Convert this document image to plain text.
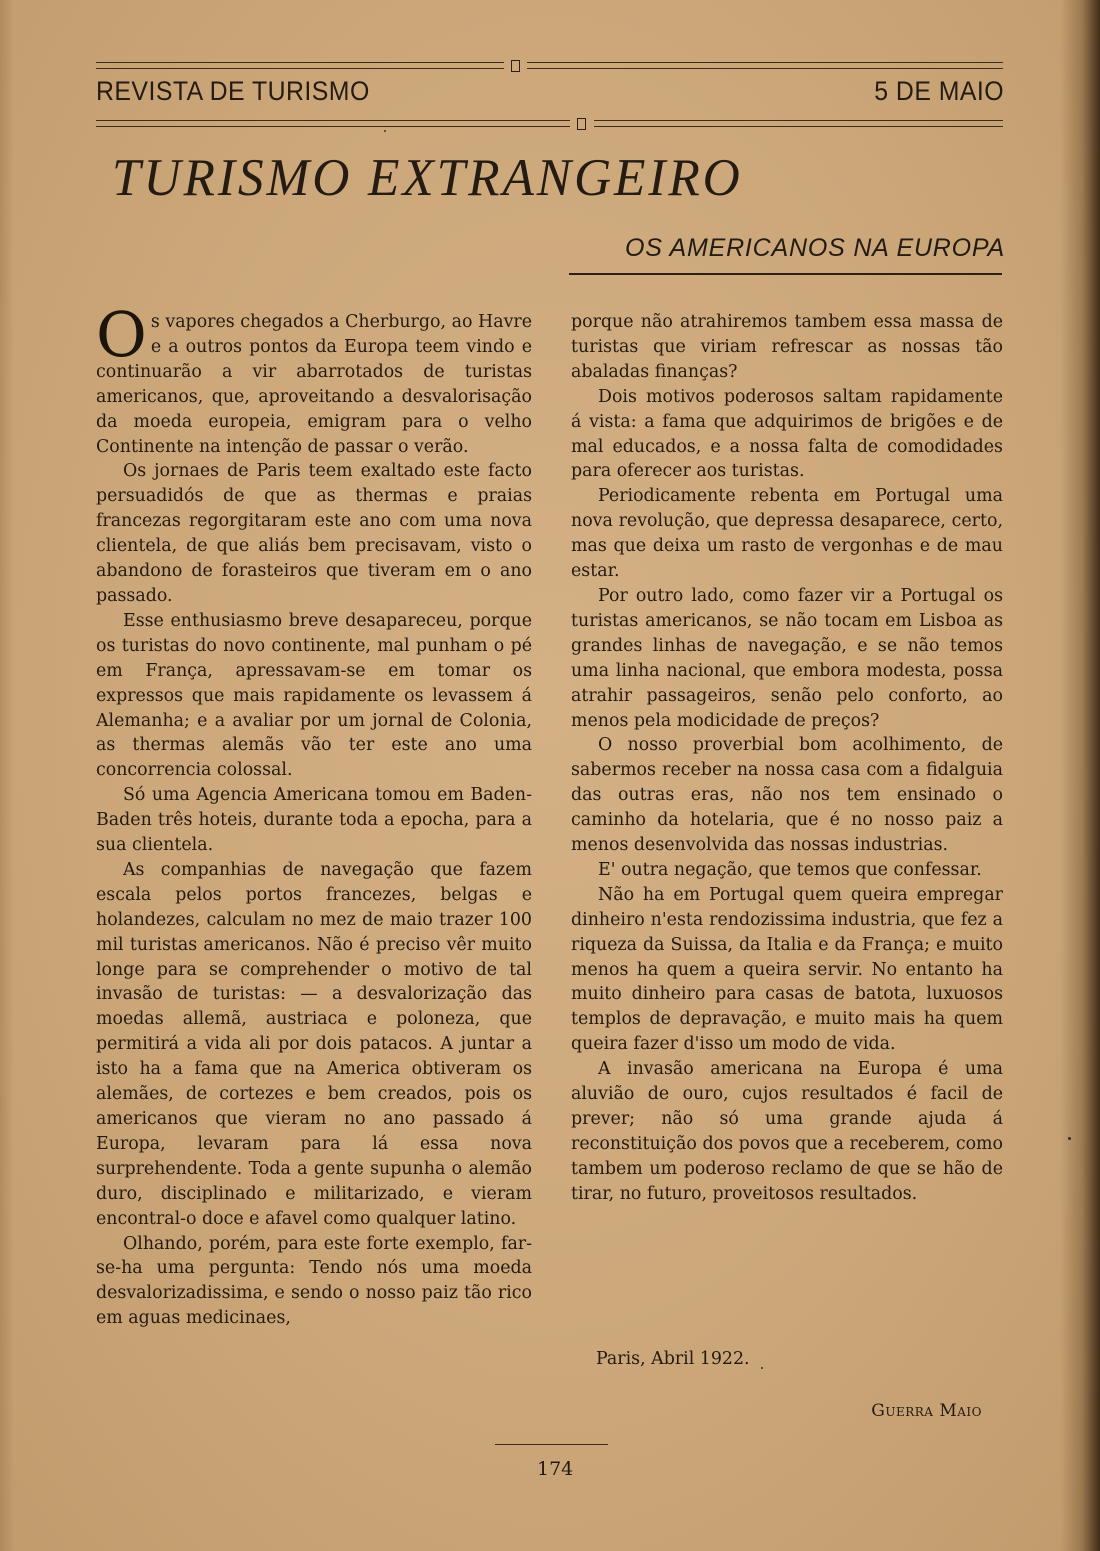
REVISTA DE TURISMO	5 DE MAIO
TURISMO EXTRANGEIRO
OS AMERICANOS NA EUROPA

Os vapores chegados a Cherburgo, ao Havre e a outros pontos da Europa teem vindo e continuarão a vir abarrotados de turistas americanos, que, aproveitando a desvalorisação da moeda europeia, emigram para o velho Continente na intenção de passar o verão.

Os jornaes de Paris teem exaltado este facto persuadidós de que as thermas e praias francezas regorgitaram este ano com uma nova clientela, de que aliás bem precisavam, visto o abandono de forasteiros que tiveram em o ano passado.

Esse enthusiasmo breve desapareceu, porque os turistas do novo continente, mal punham o pé em França, apressavam-se em tomar os expressos que mais rapidamente os levassem á Alemanha; e a avaliar por um jornal de Colonia, as thermas alemãs vão ter este ano uma concorrencia colossal.

Só uma Agencia Americana tomou em Baden-Baden três hoteis, durante toda a epocha, para a sua clientela.

As companhias de navegação que fazem escala pelos portos francezes, belgas e holandezes, calculam no mez de maio trazer 100 mil turistas americanos. Não é preciso vêr muito longe para se comprehender o motivo de tal invasão de turistas: — a desvalorização das moedas allemã, austriaca e poloneza, que permitirá a vida ali por dois patacos. A juntar a isto ha a fama que na America obtiveram os alemães, de cortezes e bem creados, pois os americanos que vieram no ano passado á Europa, levaram para lá essa nova surprehendente. Toda a gente supunha o alemão duro, disciplinado e militarizado, e vieram encontral-o doce e afavel como qualquer latino.

Olhando, porém, para este forte exemplo, far-se-ha uma pergunta: Tendo nós uma moeda desvalorizadissima, e sendo o nosso paiz tão rico em aguas medicinaes,

porque não atrahiremos tambem essa massa de turistas que viriam refrescar as nossas tão abaladas finanças?

Dois motivos poderosos saltam rapidamente á vista: a fama que adquirimos de brigões e de mal educados, e a nossa falta de comodidades para oferecer aos turistas.

Periodicamente rebenta em Portugal uma nova revolução, que depressa desaparece, certo, mas que deixa um rasto de vergonhas e de mau estar.

Por outro lado, como fazer vir a Portugal os turistas americanos, se não tocam em Lisboa as grandes linhas de navegação, e se não temos uma linha nacional, que embora modesta, possa atrahir passageiros, senão pelo conforto, ao menos pela modicidade de preços?

O nosso proverbial bom acolhimento, de sabermos receber na nossa casa com a fidalguia das outras eras, não nos tem ensinado o caminho da hotelaria, que é no nosso paiz a menos desenvolvida das nossas industrias.

E' outra negação, que temos que confessar.

Não ha em Portugal quem queira empregar dinheiro n'esta rendozissima industria, que fez a riqueza da Suissa, da Italia e da França; e muito menos ha quem a queira servir. No entanto ha muito dinheiro para casas de batota, luxuosos templos de depravação, e muito mais ha quem queira fazer d'isso um modo de vida.

A invasão americana na Europa é uma aluvião de ouro, cujos resultados é facil de prever; não só uma grande ajuda á reconstituição dos povos que a receberem, como tambem um poderoso reclamo de que se hão de tirar, no futuro, proveitosos resultados.

Paris, Abril 1922.
Guerra Maio
174
